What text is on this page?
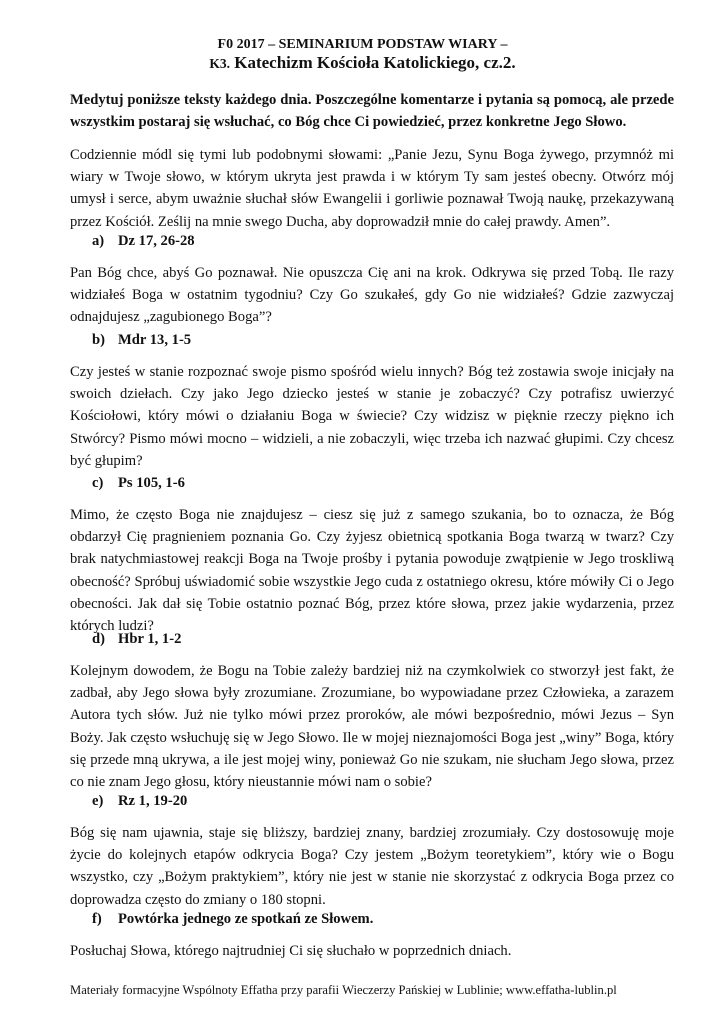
F0 2017 – SEMINARIUM PODSTAW WIARY –
K3. Katechizm Kościoła Katolickiego, cz.2.

Medytuj poniższe teksty każdego dnia. Poszczególne komentarze i pytania są pomocą, ale przede wszystkim postaraj się wsłuchać, co Bóg chce Ci powiedzieć, przez konkretne Jego Słowo.

Codziennie módl się tymi lub podobnymi słowami: „Panie Jezu, Synu Boga żywego, przymnóż mi wiary w Twoje słowo, w którym ukryta jest prawda i w którym Ty sam jesteś obecny. Otwórz mój umysł i serce, abym uważnie słuchał słów Ewangelii i gorliwie poznawał Twoją naukę, przekazywaną przez Kościół. Ześlij na mnie swego Ducha, aby doprowadził mnie do całej prawdy. Amen”.

a) Dz 17, 26-28

Pan Bóg chce, abyś Go poznawał. Nie opuszcza Cię ani na krok. Odkrywa się przed Tobą. Ile razy widziałeś Boga w ostatnim tygodniu? Czy Go szukałeś, gdy Go nie widziałeś? Gdzie zazwyczaj odnajdujesz „zagubionego Boga”?

b) Mdr 13, 1-5

Czy jesteś w stanie rozpoznać swoje pismo spośród wielu innych? Bóg też zostawia swoje inicjały na swoich dziełach. Czy jako Jego dziecko jesteś w stanie je zobaczyć? Czy potrafisz uwierzyć Kościołowi, który mówi o działaniu Boga w świecie? Czy widzisz w pięknie rzeczy piękno ich Stwórcy? Pismo mówi mocno – widzieli, a nie zobaczyli, więc trzeba ich nazwać głupimi. Czy chcesz być głupim?

c) Ps 105, 1-6

Mimo, że często Boga nie znajdujesz – ciesz się już z samego szukania, bo to oznacza, że Bóg obdarzył Cię pragnieniem poznania Go. Czy żyjesz obietnicą spotkania Boga twarzą w twarz? Czy brak natychmiastowej reakcji Boga na Twoje prośby i pytania powoduje zwątpienie w Jego troskliwą obecność? Spróbuj uświadomić sobie wszystkie Jego cuda z ostatniego okresu, które mówiły Ci o Jego obecności. Jak dał się Tobie ostatnio poznać Bóg, przez które słowa, przez jakie wydarzenia, przez których ludzi?

d) Hbr 1, 1-2

Kolejnym dowodem, że Bogu na Tobie zależy bardziej niż na czymkolwiek co stworzył jest fakt, że zadbał, aby Jego słowa były zrozumiane. Zrozumiane, bo wypowiadane przez Człowieka, a zarazem Autora tych słów. Już nie tylko mówi przez proroków, ale mówi bezpośrednio, mówi Jezus – Syn Boży. Jak często wsłuchuję się w Jego Słowo. Ile w mojej nieznajomości Boga jest „winy” Boga, który się przede mną ukrywa, a ile jest mojej winy, ponieważ Go nie szukam, nie słucham Jego słowa, przez co nie znam Jego głosu, który nieustannie mówi nam o sobie?

e) Rz 1, 19-20

Bóg się nam ujawnia, staje się bliższy, bardziej znany, bardziej zrozumiały. Czy dostosowuję moje życie do kolejnych etapów odkrycia Boga? Czy jestem „Bożym teoretykiem”, który wie o Bogu wszystko, czy „Bożym praktykiem”, który nie jest w stanie nie skorzystać z odkrycia Boga przez co doprowadza często do zmiany o 180 stopni.

f) Powtórka jednego ze spotkań ze Słowem.

Posłuchaj Słowa, którego najtrudniej Ci się słuchało w poprzednich dniach.

Materiały formacyjne Wspólnoty Effatha przy parafii Wieczerzy Pańskiej w Lublinie; www.effatha-lublin.pl
